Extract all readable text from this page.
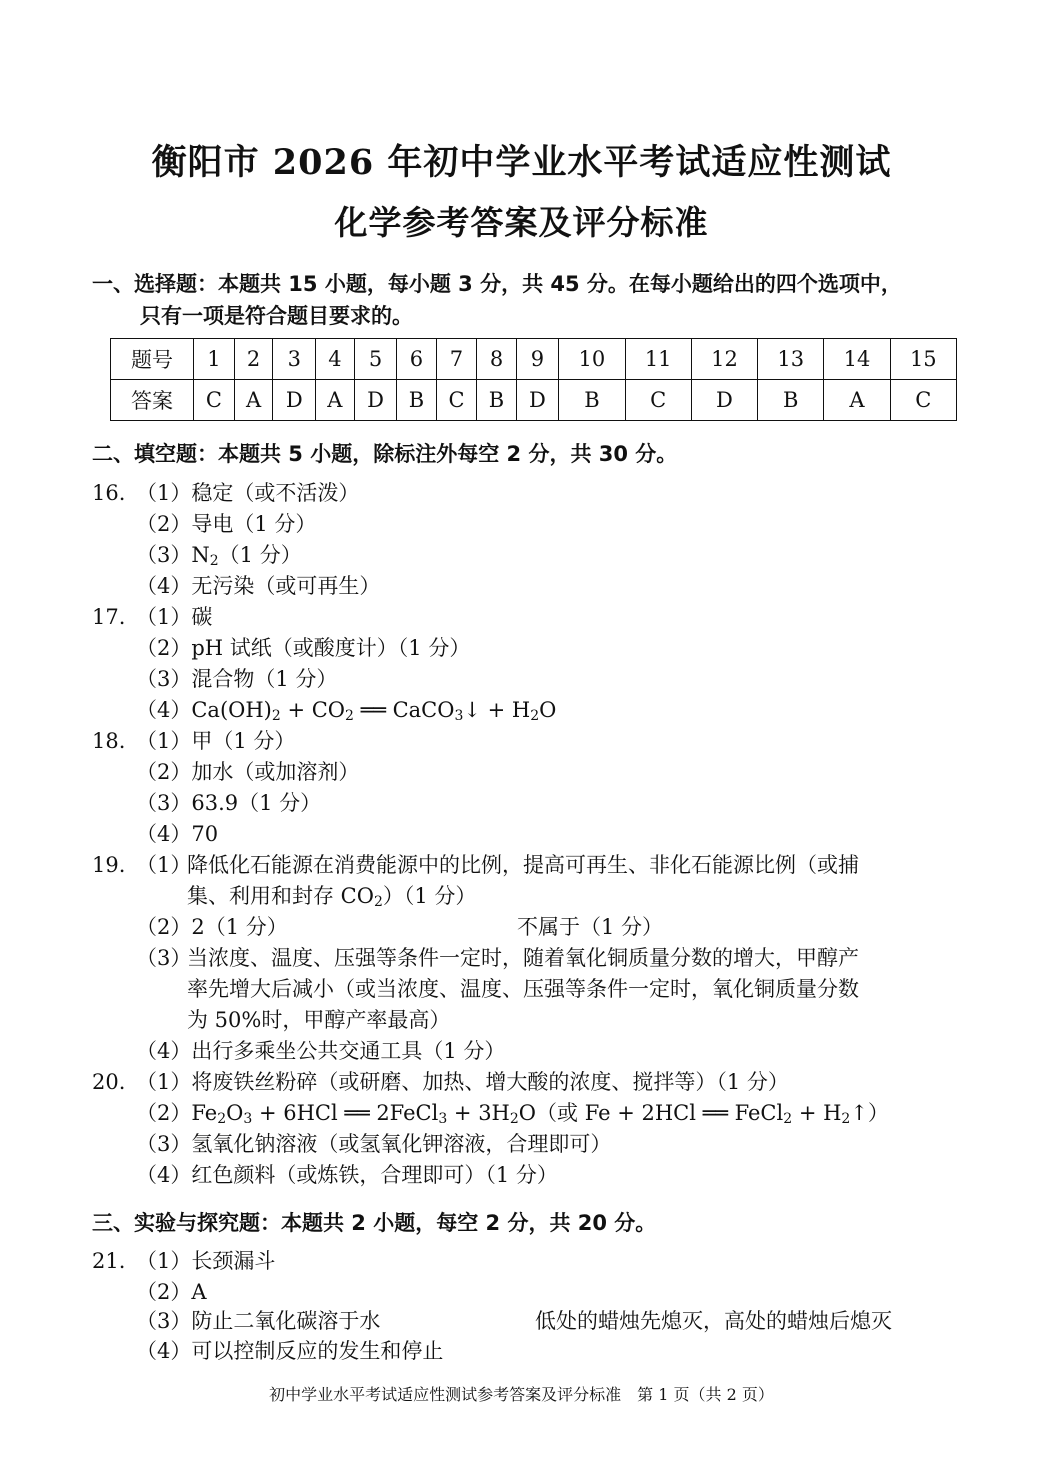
衡阳市 2026 年初中学业水平考试适应性测试
化学参考答案及评分标准
一、选择题：本题共 15 小题，每小题 3 分，共 45 分。在每小题给出的四个选项中，
只有一项是符合题目要求的。
题号	1	2	3	4	5	6	7	8	9	10	11	12	13	14	15
答案	C	A	D	A	D	B	C	B	D	B	C	D	B	A	C
二、填空题：本题共 5 小题，除标注外每空 2 分，共 30 分。
16. （1）稳定（或不活泼）
（2）导电（1 分）
$(3)N_2(1$ 分）
（4）无污染（或可再生）
17. （1）碳
（2）pH 试纸（或酸度计）（1 分）
（3）混合物（1 分）
$(4)Ca(OH)_2 + CO_2$ ══ CaCO$_3$↓ + $H_2O$
18. （1）甲（1 分）
（2）加水（或加溶剂）
（3）63.9（1 分）
（4）70
19. （1）
降低化石能源在消费能源中的比例，提高可再生、非化石能源比例（或捕
集、利用和封存 $CO_2)(1$ 分）
（2）2（1 分）	不属于（1 分）
（3）
当浓度、温度、压强等条件一定时，随着氧化铜质量分数的增大，甲醇产
率先增大后减小（或当浓度、温度、压强等条件一定时，氧化铜质量分数
为 50%时，甲醇产率最高）
（4）出行多乘坐公共交通工具（1 分）
20. （1）将废铁丝粉碎（或研磨、加热、增大酸的浓度、搅拌等）（1 分）
$(2)Fe_2O_3 + 6HCl$ ══ 2FeCl$_3$ + $3H_2O$（或 Fe + 2HCl ══ FeCl$_2$ + $H_2↑$）
（3）氢氧化钠溶液（或氢氧化钾溶液，合理即可）
（4）红色颜料（或炼铁，合理即可）（1 分）
三、实验与探究题：本题共 2 小题，每空 2 分，共 20 分。
21. （1）长颈漏斗
（2）A
（3）防止二氧化碳溶于水	低处的蜡烛先熄灭，高处的蜡烛后熄灭
（4）可以控制反应的发生和停止
初中学业水平考试适应性测试参考答案及评分标准　第 1 页（共 2 页）
